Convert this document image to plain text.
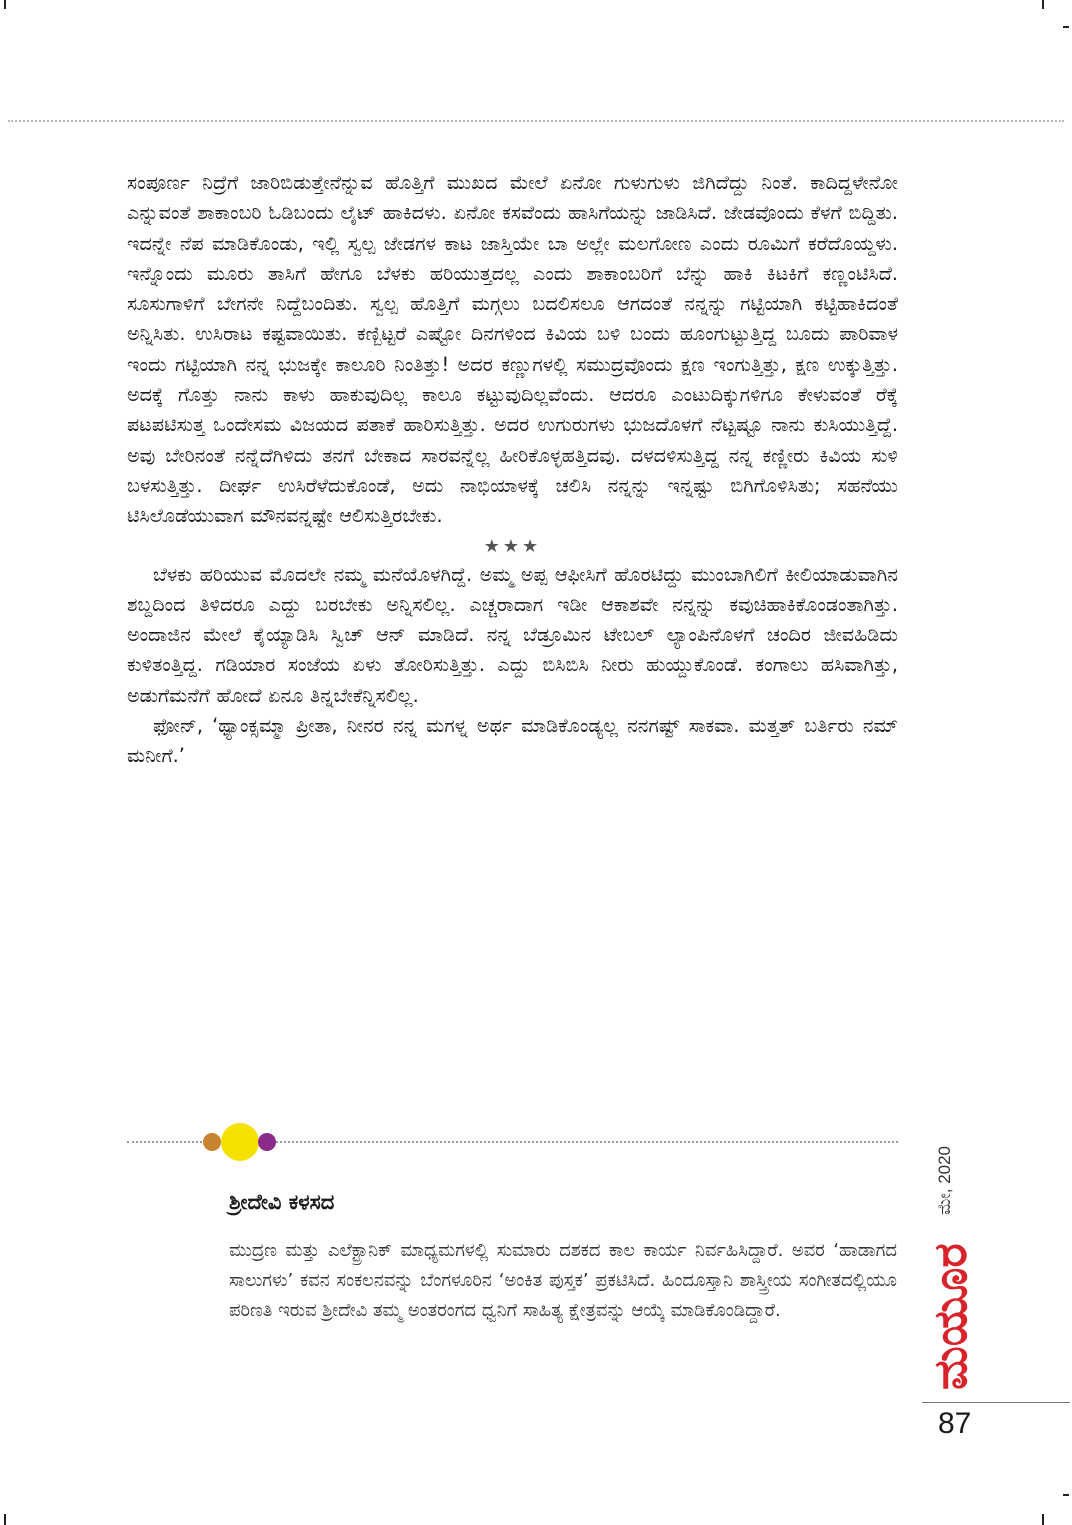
ಸಂಪೂರ್ಣ ನಿದ್ರೆಗೆ ಜಾರಿಬಿಡುತ್ತೇನೆನ್ನುವ ಹೊತ್ತಿಗೆ ಮುಖದ ಮೇಲೆ ಏನೋ ಗುಳುಗುಳು ಜಿಗಿದೆದ್ದು ನಿಂತೆ. ಕಾದಿದ್ದಳೇನೋ ಎನ್ನುವಂತೆ ಶಾಕಾಂಬರಿ ಓಡಿಬಂದು ಲೈಟ್ ಹಾಕಿದಳು. ಏನೋ ಕಸವೆಂದು ಹಾಸಿಗೆಯನ್ನು ಜಾಡಿಸಿದೆ. ಜೇಡವೊಂದು ಕೆಳಗೆ ಬಿದ್ದಿತು. ಇದನ್ನೇ ನೆಪ ಮಾಡಿಕೊಂಡು, ಇಲ್ಲಿ ಸ್ವಲ್ಪ ಜೇಡಗಳ ಕಾಟ ಜಾಸ್ತಿಯೇ ಬಾ ಅಲ್ಲೇ ಮಲಗೋಣ ಎಂದು ರೂಮಿಗೆ ಕರೆದೊಯ್ದಳು. ಇನ್ನೊಂದು ಮೂರು ತಾಸಿಗೆ ಹೇಗೂ ಬೆಳಕು ಹರಿಯುತ್ತದಲ್ಲ ಎಂದು ಶಾಕಾಂಬರಿಗೆ ಬೆನ್ನು ಹಾಕಿ ಕಿಟಕಿಗೆ ಕಣ್ಣಂಟಿಸಿದೆ. ಸೂಸುಗಾಳಿಗೆ ಬೇಗನೇ ನಿದ್ದೆಬಂದಿತು. ಸ್ವಲ್ಪ ಹೊತ್ತಿಗೆ ಮಗ್ಗಲು ಬದಲಿಸಲೂ ಆಗದಂತೆ ನನ್ನನ್ನು ಗಟ್ಟಿಯಾಗಿ ಕಟ್ಟಿಹಾಕಿದಂತೆ ಅನ್ನಿಸಿತು. ಉಸಿರಾಟ ಕಷ್ಟವಾಯಿತು. ಕಣ್ಬಿಟ್ಟರೆ ಎಷ್ಟೋ ದಿನಗಳಿಂದ ಕಿವಿಯ ಬಳಿ ಬಂದು ಹೂಂಗುಟ್ಟುತ್ತಿದ್ದ ಬೂದು ಪಾರಿವಾಳ ಇಂದು ಗಟ್ಟಿಯಾಗಿ ನನ್ನ ಭುಜಕ್ಕೇ ಕಾಲೂರಿ ನಿಂತಿತ್ತು! ಅದರ ಕಣ್ಣುಗಳಲ್ಲಿ ಸಮುದ್ರವೊಂದು ಕ್ಷಣ ಇಂಗುತ್ತಿತ್ತು, ಕ್ಷಣ ಉಕ್ಕುತ್ತಿತ್ತು. ಅದಕ್ಕೆ ಗೊತ್ತು ನಾನು ಕಾಳು ಹಾಕುವುದಿಲ್ಲ ಕಾಲೂ ಕಟ್ಟುವುದಿಲ್ಲವೆಂದು. ಆದರೂ ಎಂಟುದಿಕ್ಕುಗಳಿಗೂ ಕೇಳುವಂತೆ ರೆಕ್ಕೆ ಪಟಪಟಿಸುತ್ತ ಒಂದೇಸಮ ವಿಜಯದ ಪತಾಕೆ ಹಾರಿಸುತ್ತಿತ್ತು. ಅದರ ಉಗುರುಗಳು ಭುಜದೊಳಗೆ ನೆಟ್ಟಷ್ಟೂ ನಾನು ಕುಸಿಯುತ್ತಿದ್ದೆ. ಅವು ಬೇರಿನಂತೆ ನನ್ನೆದೆಗಿಳಿದು ತನಗೆ ಬೇಕಾದ ಸಾರವನ್ನೆಲ್ಲ ಹೀರಿಕೊಳ್ಳಹತ್ತಿದವು. ದಳದಳಿಸುತ್ತಿದ್ದ ನನ್ನ ಕಣ್ಣೀರು ಕಿವಿಯ ಸುಳಿ ಬಳಸುತ್ತಿತ್ತು. ದೀರ್ಘ ಉಸಿರೆಳೆದುಕೊಂಡೆ, ಅದು ನಾಭಿಯಾಳಕ್ಕೆ ಚಲಿಸಿ ನನ್ನನ್ನು ಇನ್ನಷ್ಟು ಬಿಗಿಗೊಳಿಸಿತು; ಸಹನೆಯು ಟಿಸಿಲೊಡೆಯುವಾಗ ಮೌನವನ್ನಷ್ಟೇ ಆಲಿಸುತ್ತಿರಬೇಕು.

★★★

ಬೆಳಕು ಹರಿಯುವ ಮೊದಲೇ ನಮ್ಮ ಮನೆಯೊಳಗಿದ್ದೆ. ಅಮ್ಮ ಅಪ್ಪ ಆಫೀಸಿಗೆ ಹೊರಟಿದ್ದು ಮುಂಬಾಗಿಲಿಗೆ ಕೀಲಿಯಾಡುವಾಗಿನ ಶಬ್ದದಿಂದ ತಿಳಿದರೂ ಎದ್ದು ಬರಬೇಕು ಅನ್ನಿಸಲಿಲ್ಲ. ಎಚ್ಚರಾದಾಗ ಇಡೀ ಆಕಾಶವೇ ನನ್ನನ್ನು ಕವುಚಿಹಾಕಿಕೊಂಡಂತಾಗಿತ್ತು. ಅಂದಾಜಿನ ಮೇಲೆ ಕೈಯ್ಯಾಡಿಸಿ ಸ್ವಿಚ್ ಆನ್ ಮಾಡಿದೆ. ನನ್ನ ಬೆಡ್ರೂಮಿನ ಟೇಬಲ್ ಲ್ಯಾಂಪಿನೊಳಗೆ ಚಂದಿರ ಜೀವಹಿಡಿದು ಕುಳಿತಂತ್ತಿದ್ದ. ಗಡಿಯಾರ ಸಂಜೆಯ ಏಳು ತೋರಿಸುತ್ತಿತ್ತು. ಎದ್ದು ಬಿಸಿಬಿಸಿ ನೀರು ಹುಯ್ದುಕೊಂಡೆ. ಕಂಗಾಲು ಹಸಿವಾಗಿತ್ತು, ಅಡುಗೆಮನೆಗೆ ಹೋದೆ ಏನೂ ತಿನ್ನಬೇಕೆನ್ನಿಸಲಿಲ್ಲ.

ಫೋನ್, ‘ಥ್ಯಾಂಕ್ಸಮ್ಮಾ ಪ್ರೀತಾ, ನೀನರ ನನ್ನ ಮಗಳ್ನ ಅರ್ಥ ಮಾಡಿಕೊಂಡ್ಯಲ್ಲ ನನಗಷ್ಟ್ ಸಾಕವಾ. ಮತ್ತತ್ ಬರ್ತಿರು ನಮ್ ಮನೀಗೆ.’

ಶ್ರೀದೇವಿ ಕಳಸದ

ಮುದ್ರಣ ಮತ್ತು ಎಲೆಕ್ಟ್ರಾನಿಕ್ ಮಾಧ್ಯಮಗಳಲ್ಲಿ ಸುಮಾರು ದಶಕದ ಕಾಲ ಕಾರ್ಯ ನಿರ್ವಹಿಸಿದ್ದಾರೆ. ಅವರ ‘ಹಾಡಾಗದ ಸಾಲುಗಳು’ ಕವನ ಸಂಕಲನವನ್ನು ಬೆಂಗಳೂರಿನ ‘ಅಂಕಿತ ಪುಸ್ತಕ’ ಪ್ರಕಟಿಸಿದೆ. ಹಿಂದೂಸ್ತಾನಿ ಶಾಸ್ತ್ರೀಯ ಸಂಗೀತದಲ್ಲಿಯೂ ಪರಿಣತಿ ಇರುವ ಶ್ರೀದೇವಿ ತಮ್ಮ ಅಂತರಂಗದ ಧ್ವನಿಗೆ ಸಾಹಿತ್ಯ ಕ್ಷೇತ್ರವನ್ನು ಆಯ್ಕೆ ಮಾಡಿಕೊಂಡಿದ್ದಾರೆ.

ಮೇ, 2020
ಮಯೂರ

87
